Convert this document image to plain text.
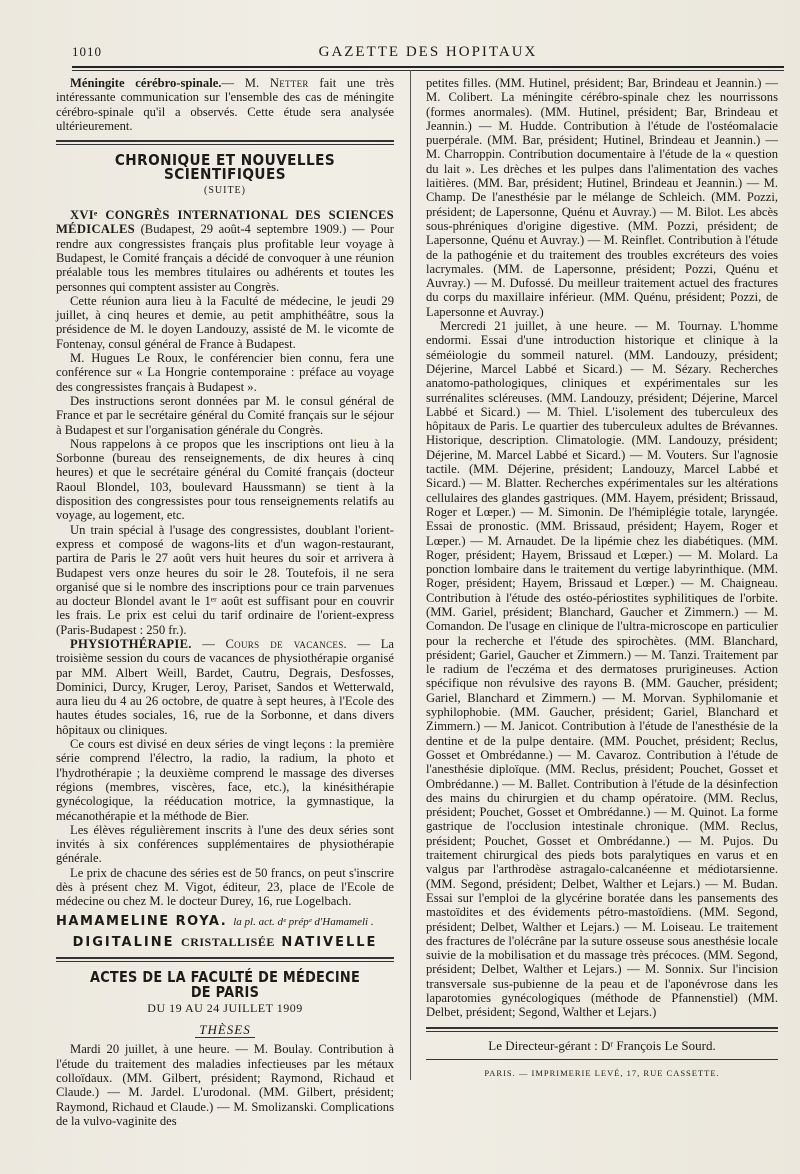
1010	GAZETTE DES HOPITAUX

Méningite cérébro-spinale.— M. Netter fait une très intéressante communication sur l'ensemble des cas de méningite cérébro-spinale qu'il a observés. Cette étude sera analysée ultérieurement.

CHRONIQUE ET NOUVELLES SCIENTIFIQUES
(SUITE)

XVIᵉ CONGRÈS INTERNATIONAL DES SCIENCES MÉDICALES (Budapest, 29 août-4 septembre 1909.) — Pour rendre aux congressistes français plus profitable leur voyage à Budapest, le Comité français a décidé de convoquer à une réunion préalable tous les membres titulaires ou adhérents et toutes les personnes qui comptent assister au Congrès.

Cette réunion aura lieu à la Faculté de médecine, le jeudi 29 juillet, à cinq heures et demie, au petit amphithéâtre, sous la présidence de M. le doyen Landouzy, assisté de M. le vicomte de Fontenay, consul général de France à Budapest.

M. Hugues Le Roux, le conférencier bien connu, fera une conférence sur « La Hongrie contemporaine : préface au voyage des congressistes français à Budapest ».

Des instructions seront données par M. le consul général de France et par le secrétaire général du Comité français sur le séjour à Budapest et sur l'organisation générale du Congrès.

Nous rappelons à ce propos que les inscriptions ont lieu à la Sorbonne (bureau des renseignements, de dix heures à cinq heures) et que le secrétaire général du Comité français (docteur Raoul Blondel, 103, boulevard Haussmann) se tient à la disposition des congressistes pour tous renseignements relatifs au voyage, au logement, etc.

Un train spécial à l'usage des congressistes, doublant l'orient-express et composé de wagons-lits et d'un wagon-restaurant, partira de Paris le 27 août vers huit heures du soir et arrivera à Budapest vers onze heures du soir le 28. Toutefois, il ne sera organisé que si le nombre des inscriptions pour ce train parvenues au docteur Blondel avant le 1ᵉʳ août est suffisant pour en couvrir les frais. Le prix est celui du tarif ordinaire de l'orient-express (Paris-Budapest : 250 fr.).

PHYSIOTHÉRAPIE. — Cours de vacances. — La troisième session du cours de vacances de physiothérapie organisé par MM. Albert Weill, Bardet, Cautru, Degrais, Desfosses, Dominici, Durcy, Kruger, Leroy, Pariset, Sandos et Wetterwald, aura lieu du 4 au 26 octobre, de quatre à sept heures, à l'Ecole des hautes études sociales, 16, rue de la Sorbonne, et dans divers hôpitaux ou cliniques.

Ce cours est divisé en deux séries de vingt leçons : la première série comprend l'électro, la radio, la radium, la photo et l'hydrothérapie ; la deuxième comprend le massage des diverses régions (membres, viscères, face, etc.), la kinésithérapie gynécologique, la rééducation motrice, la gymnastique, la mécanothérapie et la méthode de Bier.

Les élèves régulièrement inscrits à l'une des deux séries sont invités à six conférences supplémentaires de physiothérapie générale.

Le prix de chacune des séries est de 50 francs, on peut s'inscrire dès à présent chez M. Vigot, éditeur, 23, place de l'Ecole de médecine ou chez M. le docteur Durey, 16, rue Logelbach.

HAMAMELINE ROYA. la pl. act. dᵉ prépᵉ d'Hamameli .
DIGITALINE CRISTALLISÉE NATIVELLE
ACTES DE LA FACULTÉ DE MÉDECINE DE PARIS
DU 19 AU 24 JUILLET 1909
THÈSES

Mardi 20 juillet, à une heure. — M. Boulay. Contribution à l'étude du traitement des maladies infectieuses par les métaux colloïdaux. (MM. Gilbert, président; Raymond, Richaud et Claude.) — M. Jardel. L'urodonal. (MM. Gilbert, président; Raymond, Richaud et Claude.) — M. Smolizanski. Complications de la vulvo-vaginite des

petites filles. (MM. Hutinel, président; Bar, Brindeau et Jeannin.) — M. Colibert. La méningite cérébro-spinale chez les nourrissons (formes anormales). (MM. Hutinel, président; Bar, Brindeau et Jeannin.) — M. Hudde. Contribution à l'étude de l'ostéomalacie puerpérale. (MM. Bar, président; Hutinel, Brindeau et Jeannin.) — M. Charroppin. Contribution documentaire à l'étude de la « question du lait ». Les drèches et les pulpes dans l'alimentation des vaches laitières. (MM. Bar, président; Hutinel, Brindeau et Jeannin.) — M. Champ. De l'anesthésie par le mélange de Schleich. (MM. Pozzi, président; de Lapersonne, Quénu et Auvray.) — M. Bilot. Les abcès sous-phréniques d'origine digestive. (MM. Pozzi, président; de Lapersonne, Quénu et Auvray.) — M. Reinflet. Contribution à l'étude de la pathogénie et du traitement des troubles excréteurs des voies lacrymales. (MM. de Lapersonne, président; Pozzi, Quénu et Auvray.) — M. Dufossé. Du meilleur traitement actuel des fractures du corps du maxillaire inférieur. (MM. Quénu, président; Pozzi, de Lapersonne et Auvray.)

Mercredi 21 juillet, à une heure. — M. Tournay. L'homme endormi. Essai d'une introduction historique et clinique à la séméiologie du sommeil naturel. (MM. Landouzy, président; Déjerine, Marcel Labbé et Sicard.) — M. Sézary. Recherches anatomo-pathologiques, cliniques et expérimentales sur les surrénalites scléreuses. (MM. Landouzy, président; Déjerine, Marcel Labbé et Sicard.) — M. Thiel. L'isolement des tuberculeux des hôpitaux de Paris. Le quartier des tuberculeux adultes de Brévannes. Historique, description. Climatologie. (MM. Landouzy, président; Déjerine, M. Marcel Labbé et Sicard.) — M. Vouters. Sur l'agnosie tactile. (MM. Déjerine, président; Landouzy, Marcel Labbé et Sicard.) — M. Blatter. Recherches expérimentales sur les altérations cellulaires des glandes gastriques. (MM. Hayem, président; Brissaud, Roger et Lœper.) — M. Simonin. De l'hémiplégie totale, laryngée. Essai de pronostic. (MM. Brissaud, président; Hayem, Roger et Lœper.) — M. Arnaudet. De la lipémie chez les diabétiques. (MM. Roger, président; Hayem, Brissaud et Lœper.) — M. Molard. La ponction lombaire dans le traitement du vertige labyrinthique. (MM. Roger, président; Hayem, Brissaud et Lœper.) — M. Chaigneau. Contribution à l'étude des ostéo-périostites syphilitiques de l'orbite. (MM. Gariel, président; Blanchard, Gaucher et Zimmern.) — M. Comandon. De l'usage en clinique de l'ultra-microscope en particulier pour la recherche et l'étude des spirochètes. (MM. Blanchard, président; Gariel, Gaucher et Zimmern.) — M. Tanzi. Traitement par le radium de l'eczéma et des dermatoses prurigineuses. Action spécifique non révulsive des rayons B. (MM. Gaucher, président; Gariel, Blanchard et Zimmern.) — M. Morvan. Syphilomanie et syphilophobie. (MM. Gaucher, président; Gariel, Blanchard et Zimmern.) — M. Janicot. Contribution à l'étude de l'anesthésie de la dentine et de la pulpe dentaire. (MM. Pouchet, président; Reclus, Gosset et Ombrédanne.) — M. Cavaroz. Contribution à l'étude de l'anesthésie diploïque. (MM. Reclus, président; Pouchet, Gosset et Ombrédanne.) — M. Ballet. Contribution à l'étude de la désinfection des mains du chirurgien et du champ opératoire. (MM. Reclus, président; Pouchet, Gosset et Ombrédanne.) — M. Quinot. La forme gastrique de l'occlusion intestinale chronique. (MM. Reclus, président; Pouchet, Gosset et Ombrédanne.) — M. Pujos. Du traitement chirurgical des pieds bots paralytiques en varus et en valgus par l'arthrodèse astragalo-calcanéenne et médiotarsienne. (MM. Segond, président; Delbet, Walther et Lejars.) — M. Budan. Essai sur l'emploi de la glycérine boratée dans les pansements des mastoïdites et des évidements pétro-mastoïdiens. (MM. Segond, président; Delbet, Walther et Lejars.) — M. Loiseau. Le traitement des fractures de l'olécrâne par la suture osseuse sous anesthésie locale suivie de la mobilisation et du massage très précoces. (MM. Segond, président; Delbet, Walther et Lejars.) — M. Sonnix. Sur l'incision transversale sus-pubienne de la peau et de l'aponévrose dans les laparotomies gynécologiques (méthode de Pfannenstiel) (MM. Delbet, président; Segond, Walther et Lejars.)

Le Directeur-gérant : Dʳ François Le Sourd.
PARIS. — IMPRIMERIE LEVÉ, 17, RUE CASSETTE.
